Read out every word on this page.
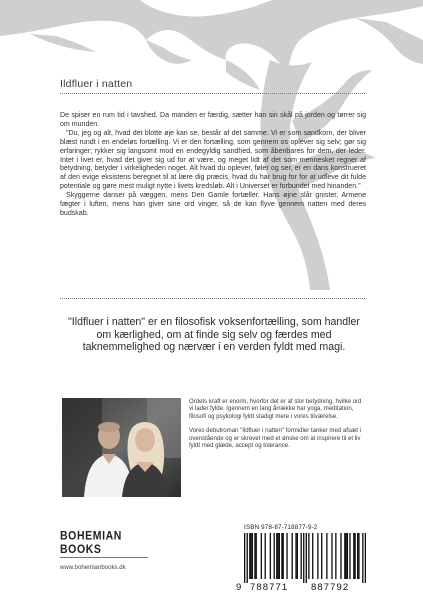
Ildfluer i natten

De spiser en rum tid i tavshed. Da manden er færdig, sætter han sin skål på jorden og tørrer sig om munden.

"Du, jeg og alt, hvad det blotte øje kan se, består af det samme. Vi er som sandkorn, der bliver blæst rundt i en endeløs fortælling. Vi er den fortælling, som gennem os oplever sig selv; gør sig erfaringer; rykker sig langsomt mod en endegyldig sandhed, som åbenbares for dem, der leder. Intet i livet er, hvad det giver sig ud for at være, og meget lidt af det som mennesket regner af betydning, betyder i virkeligheden noget. Alt hvad du oplever, føler og ser, er en dans konstrueret af den evige eksistens beregnet til at lære dig præcis, hvad du har brug for for at udleve dit fulde potentiale og gøre mest muligt nytte i livets kredsløb. Alt i Universet er forbundet med hinanden."

Skyggerne danser på væggen, mens Den Gamle fortæller. Hans øjne slår gnister. Armene fægter i luften, mens han giver sine ord vinger, så de kan flyve gennem natten med deres budskab.

"Ildfluer i natten" er en filosofisk voksenfortælling, som handler om kærlighed, om at finde sig selv og færdes med taknemmelighed og nærvær i en verden fyldt med magi.

Ordets kraft er enorm, hvorfor det er af stor betydning, hvilke ord vi lader fylde. Igennem en lang årrække har yoga, meditation, filosofi og psykologi fyldt stadigt mere i vores tilværelse.

Vores debutroman "Ildfluer i natten" formidler tanker med afsæt i ovenstående og er skrevet med et ønske om at inspirere til et liv fyldt med glæde, accept og tolerance.

BOHEMIAN BOOKS
www.bohemianbooks.dk
ISBN 978-87-718877-9-2
9 788771 887792
